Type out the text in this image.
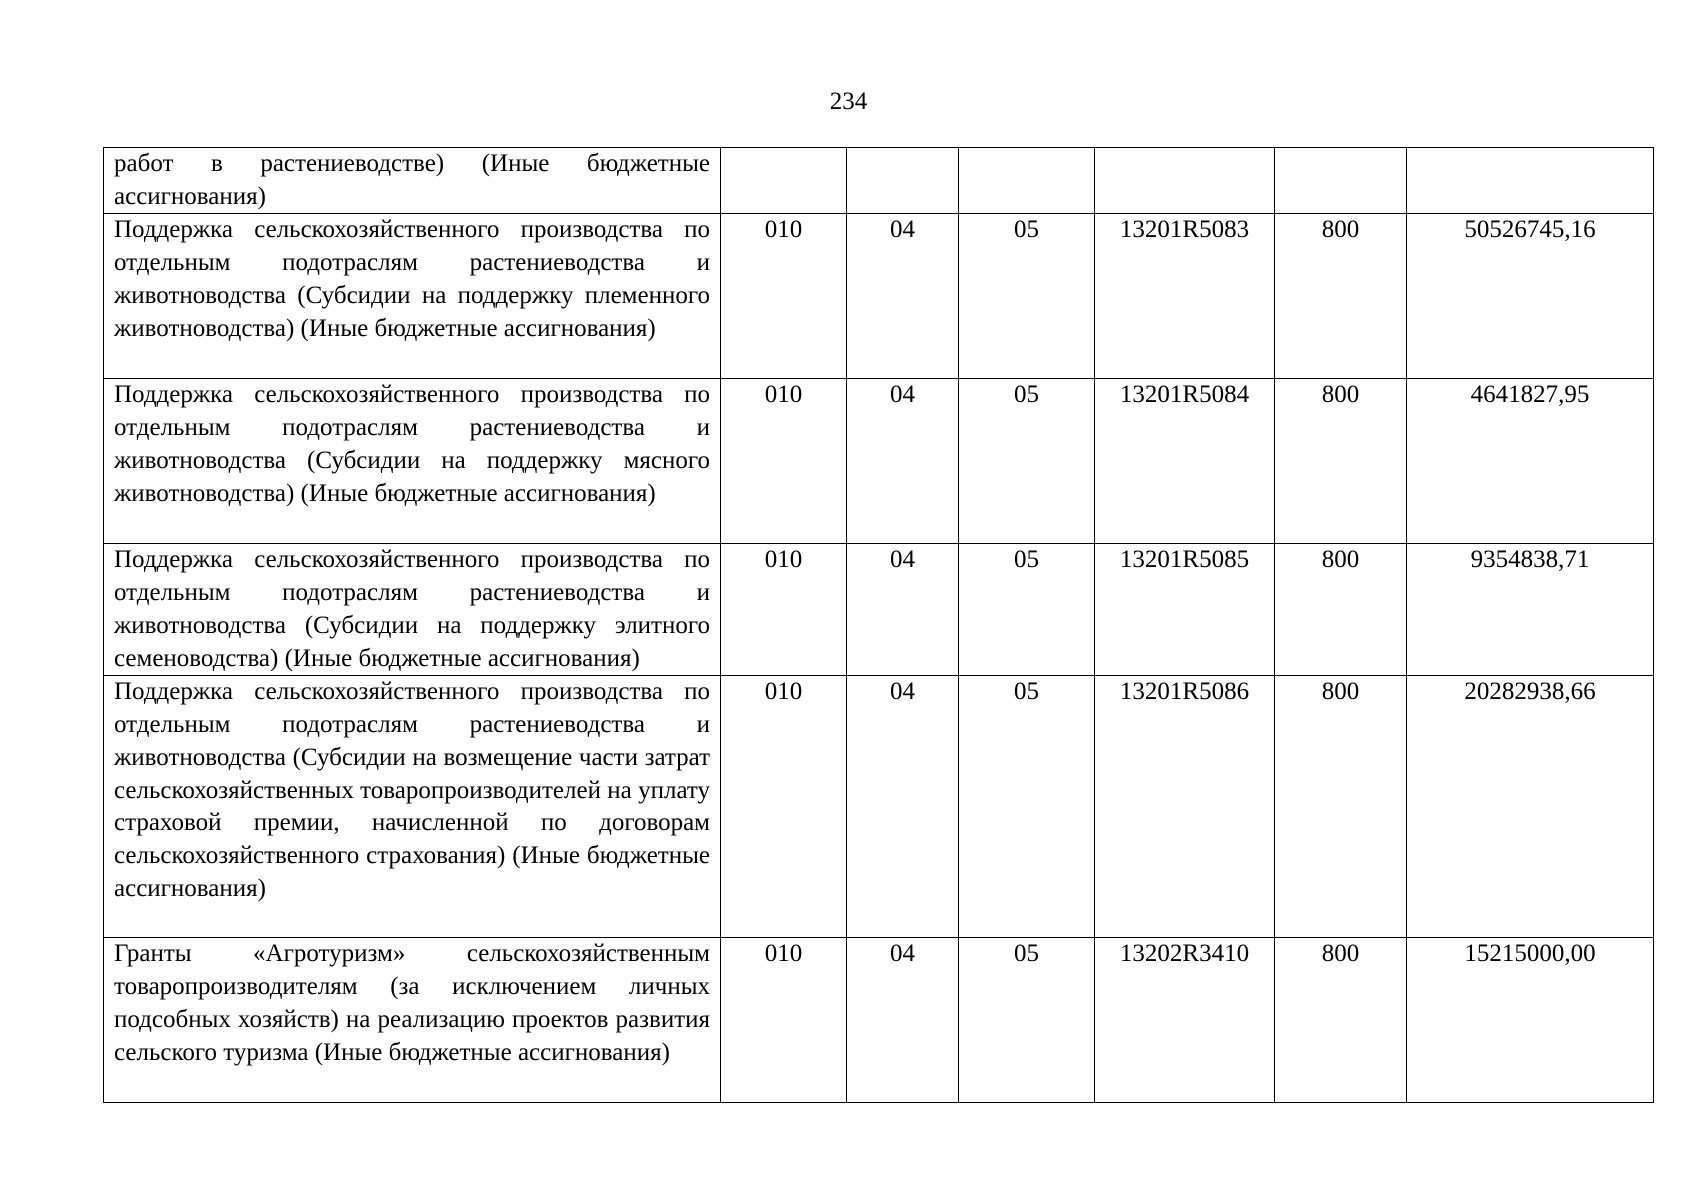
234
работ в растениеводстве) (Иные бюджетные ассигнования)						
Поддержка сельскохозяйственного производства по отдельным подотраслям растениеводства и животноводства (Субсидии на поддержку племенного животноводства) (Иные бюджетные ассигнования)	010	04	05	13201R5083	800	50526745,16
Поддержка сельскохозяйственного производства по отдельным подотраслям растениеводства и животноводства (Субсидии на поддержку мясного животноводства) (Иные бюджетные ассигнования)	010	04	05	13201R5084	800	4641827,95
Поддержка сельскохозяйственного производства по отдельным подотраслям растениеводства и животноводства (Субсидии на поддержку элитного семеноводства) (Иные бюджетные ассигнования)	010	04	05	13201R5085	800	9354838,71
Поддержка сельскохозяйственного производства по отдельным подотраслям растениеводства и животноводства (Субсидии на возмещение части затрат сельскохозяйственных товаропроизводителей на уплату страховой премии, начисленной по договорам сельскохозяйственного страхования) (Иные бюджетные ассигнования)	010	04	05	13201R5086	800	20282938,66
Гранты «Агротуризм» сельскохозяйственным товаропроизводителям (за исключением личных подсобных хозяйств) на реализацию проектов развития сельского туризма (Иные бюджетные ассигнования)	010	04	05	13202R3410	800	15215000,00
